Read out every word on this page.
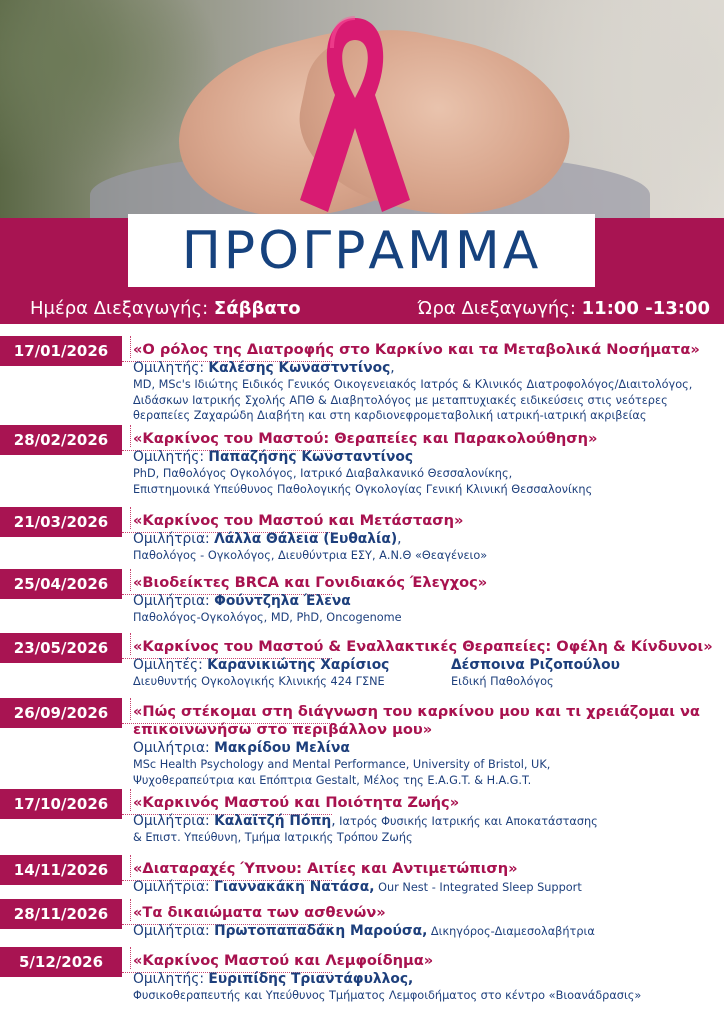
ΠΡΟΓΡΑΜΜΑ
Ημέρα Διεξαγωγής: Σάββατο	Ώρα Διεξαγωγής: 11:00 -13:00
17/01/2026	«Ο ρόλος της Διατροφής στο Καρκίνο και τα Μεταβολικά Νοσήματα»
Ομιλητής: Καλέσης Κωναστντίνος,
MD, MSc's Ιδιώτης Ειδικός Γενικός Οικογενειακός Ιατρός & Κλινικός Διατροφολόγος/Διαιτολόγος,
Διδάσκων Ιατρικής Σχολής ΑΠΘ & Διαβητολόγος με μεταπτυχιακές ειδικεύσεις στις νεότερες
θεραπείες Ζαχαρώδη Διαβήτη και στη καρδιονεφρομεταβολική ιατρική-ιατρική ακριβείας
28/02/2026	«Καρκίνος του Μαστού: Θεραπείες και Παρακολούθηση»
Ομιλητής: Παπαζήσης Κωνσταντίνος
PhD, Παθολόγος Ογκολόγος, Ιατρικό Διαβαλκανικό Θεσσαλονίκης,
Επιστημονικά Υπεύθυνος Παθολογικής Ογκολογίας Γενική Κλινική Θεσσαλονίκης
21/03/2026	«Καρκίνος του Μαστού και Μετάσταση»
Ομιλήτρια: Λάλλα Θάλεια (Ευθαλία),
Παθολόγος - Ογκολόγος, Διευθύντρια ΕΣΥ, Α.Ν.Θ «Θεαγένειο»
25/04/2026	«Βιοδείκτες BRCA και Γονιδιακός Έλεγχος»
Ομιλήτρια: Φούντζηλα Έλενα
Παθολόγος-Ογκολόγος, MD, PhD, Oncogenome
23/05/2026	«Καρκίνος του Μαστού & Εναλλακτικές Θεραπείες: Οφέλη & Κίνδυνοι»
Ομιλητές: Καρανικιώτης Χαρίσιος
Διευθυντής Ογκολογικής Κλινικής 424 ΓΣΝΕ
Δέσποινα Ριζοπούλου
Ειδική Παθολόγος
26/09/2026	«Πώς στέκομαι στη διάγνωση του καρκίνου μου και τι χρειάζομαι να
επικοινωνήσω στο περιβάλλον μου»
Ομιλήτρια: Μακρίδου Μελίνα
MSc Health Psychology and Mental Performance, University of Bristol, UK,
Ψυχοθεραπεύτρια και Επόπτρια Gestalt, Μέλος της E.A.G.T. & H.A.G.T.
17/10/2026	«Καρκινός Μαστού και Ποιότητα Ζωής»
Ομιλήτρια: Καλαϊτζή Πόπη, Ιατρός Φυσικής Ιατρικής και Αποκατάστασης
& Επιστ. Υπεύθυνη, Τμήμα Ιατρικής Τρόπου Ζωής
14/11/2026	«Διαταραχές Ύπνου: Αιτίες και Αντιμετώπιση»
Ομιλήτρια: Γιαννακάκη Νατάσα, Our Nest - Integrated Sleep Support
28/11/2026	«Τα δικαιώματα των ασθενών»
Ομιλήτρια: Πρωτοπαπαδάκη Μαρούσα, Δικηγόρος-Διαμεσολαβήτρια
5/12/2026	«Καρκίνος Μαστού και Λεμφοίδημα»
Ομιλητής: Ευριπίδης Τριαντάφυλλος,
Φυσικοθεραπευτής και Υπεύθυνος Τμήματος Λεμφοιδήματος στο κέντρο «Βιοανάδρασις»
